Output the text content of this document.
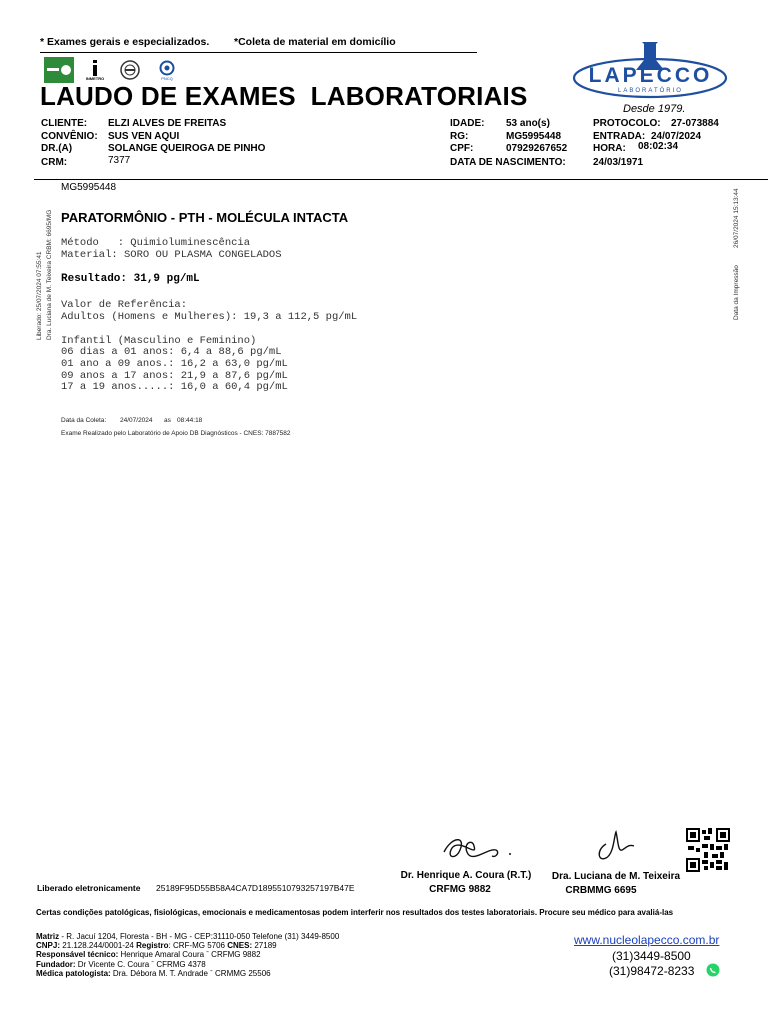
* Exames gerais e especializados. *Coleta de material em domicílio
INMETRO	PNCQ
LAUDO DE EXAMES  LABORATORIAIS
LAPECCO
LABORATÓRIO
Desde 1979.
CLIENTE: ELZI ALVES DE FREITAS
CONVÊNIO: SUS VEN AQUI
DR.(A)	SOLANGE QUEIROGA DE PINHO
CRM:	7377
IDADE: 53 ano(s)
RG:	MG5995448
CPF:	07929267652
DATA DE NASCIMENTO:	24/03/1971
PROTOCOLO: 27-073884
ENTRADA: 24/07/2024
HORA: 08:02:34
Liberado: 25/07/2024 07:55:41 Dra. Luciana de M. Teixeira CRBM: 6695/MG	26/07/2024 15:13:44
Data da Impressão
MG5995448
PARATORMÔNIO - PTH - MOLÉCULA INTACTA
Método   : Quimioluminescência
Material: SORO OU PLASMA CONGELADOS
Resultado: 31,9 pg/mL
Valor de Referência:
Adultos (Homens e Mulheres): 19,3 a 112,5 pg/mL
Infantil (Masculino e Feminino)
06 dias a 01 anos: 6,4 a 88,6 pg/mL
01 ano a 09 anos.: 16,2 a 63,0 pg/mL
09 anos a 17 anos: 21,9 a 87,6 pg/mL
17 a 19 anos.....: 16,0 a 60,4 pg/mL
Data da Coleta: 24/07/2024 as 08:44:18
Exame Realizado pelo Laboratório de Apoio DB Diagnósticos - CNES: 7887582
Dr. Henrique A. Coura (R.T.)
CRFMG 9882
Dra. Luciana de M. Teixeira
CRBMMG 6695
Liberado eletronicamente 25189F95D55B58A4CA7D1895510793257197B47E
Certas condições patológicas, fisiológicas, emocionais e medicamentosas podem interferir nos resultados dos testes laboratoriais. Procure seu médico para avaliá-las
Matriz - R. Jacuí 1204, Floresta - BH - MG - CEP:31110-050 Telefone (31) 3449-8500
CNPJ: 21.128.244/0001-24 Registro: CRF-MG 5706 CNES: 27189
Responsável técnico: Henrique Amaral Coura ˉ CRFMG 9882
Fundador: Dr Vicente C. Coura ˉ CFRMG 4378
Médica patologista: Dra. Débora M. T. Andrade ˉ CRMMG 25506
www.nucleolapecco.com.br
(31)3449-8500
(31)98472-8233
